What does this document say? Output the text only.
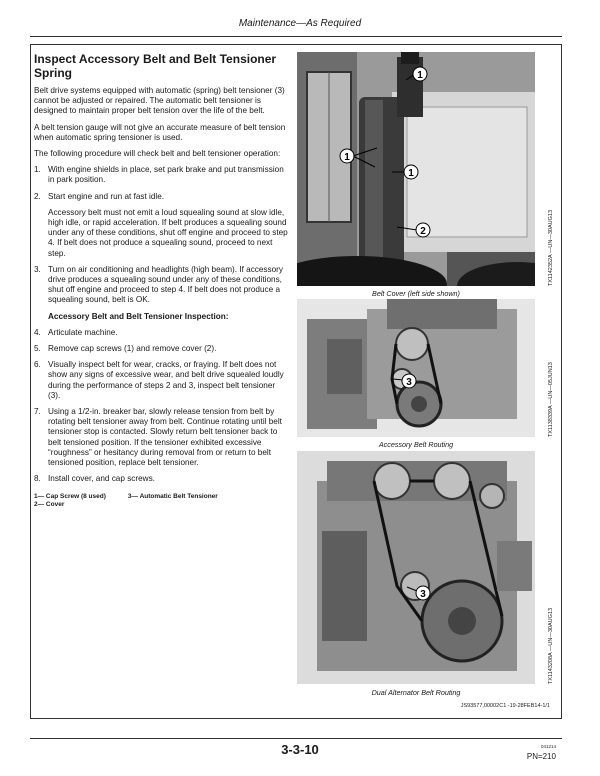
Maintenance—As Required
Inspect Accessory Belt and Belt Tensioner Spring

Belt drive systems equipped with automatic (spring) belt tensioner (3) cannot be adjusted or repaired. The automatic belt tensioner is designed to maintain proper belt tension over the life of the belt.

A belt tension gauge will not give an accurate measure of belt tension when automatic spring tensioner is used.

The following procedure will check belt and belt tensioner operation:

1. With engine shields in place, set park brake and put transmission in park position.
2. Start engine and run at fast idle.
Accessory belt must not emit a loud squealing sound at slow idle, high idle, or rapid acceleration. If belt produces a squealing sound under any of these conditions, shut off engine and proceed to step 4. If belt does not produce a squealing sound, proceed to next step.
3. Turn on air conditioning and headlights (high beam). If accessory drive produces a squealing sound under any of these conditions, shut off engine and proceed to step 4. If belt does not produce a squealing sound, belt is OK.
Accessory Belt and Belt Tensioner Inspection:
4. Articulate machine.
5. Remove cap screws (1) and remove cover (2).
6. Visually inspect belt for wear, cracks, or fraying. If belt does not show any signs of excessive wear, and belt drive squealed loudly during the performance of steps 2 and 3, inspect belt tensioner (3).
7. Using a 1/2-in. breaker bar, slowly release tension from belt by rotating belt tensioner away from belt. Continue rotating until belt tensioner stop is contacted. Slowly return belt tensioner back to belt tensioned position. If the tensioner exhibited excessive “roughness” or hesitancy during removal from or return to belt tensioned position, replace belt tensioner.
8. Install cover, and cap screws.
1— Cap Screw (8 used)
2— Cover
3— Automatic Belt Tensioner
1
1
1
2
Belt Cover (left side shown)
3
Accessory Belt Routing
3
Dual Alternator Belt Routing
TX1142352A —UN—30AUG13
TX1138339A —UN—05JUN13
TX1143208A —UN—30AUG13
JS93577,00002C1 -19-28FEB14-1/1
3-3-10	041214
PN=210
